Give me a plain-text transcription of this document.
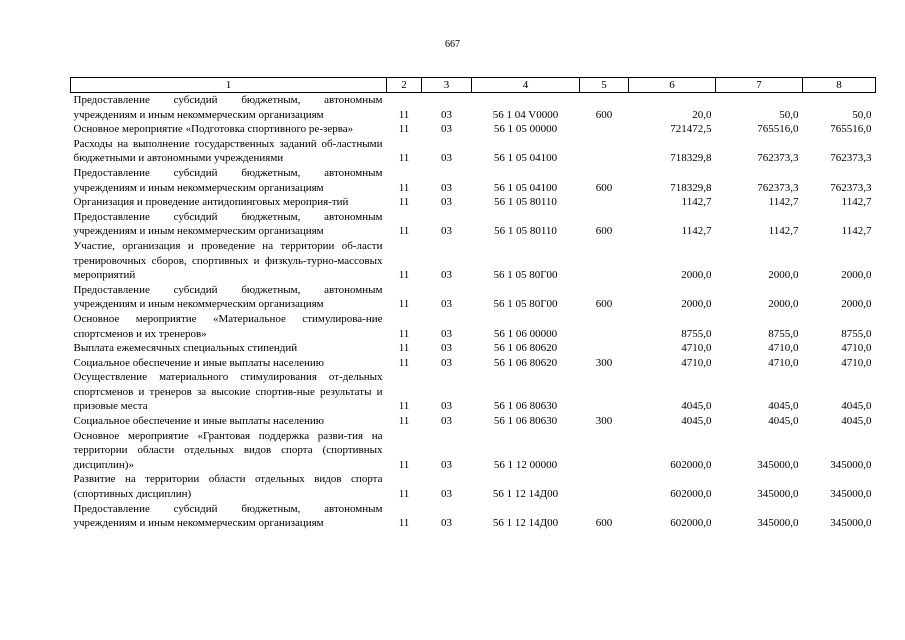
667
1	2	3	4	5	6	7	8
Предоставление субсидий бюджетным, автономным учреждениям и иным некоммерческим организациям	11	03	56 1 04 V0000	600	20,0	50,0	50,0
Основное мероприятие «Подготовка спортивного ре-зерва»	11	03	56 1 05 00000		721472,5	765516,0	765516,0
Расходы на выполнение государственных заданий об-ластными бюджетными и автономными учреждениями	11	03	56 1 05 04100		718329,8	762373,3	762373,3
Предоставление субсидий бюджетным, автономным учреждениям и иным некоммерческим организациям	11	03	56 1 05 04100	600	718329,8	762373,3	762373,3
Организация и проведение антидопинговых мероприя-тий	11	03	56 1 05 80110		1142,7	1142,7	1142,7
Предоставление субсидий бюджетным, автономным учреждениям и иным некоммерческим организациям	11	03	56 1 05 80110	600	1142,7	1142,7	1142,7
Участие, организация и проведение на территории об-ласти тренировочных сборов, спортивных и физкуль-турно-массовых мероприятий	11	03	56 1 05 80Г00		2000,0	2000,0	2000,0
Предоставление субсидий бюджетным, автономным учреждениям и иным некоммерческим организациям	11	03	56 1 05 80Г00	600	2000,0	2000,0	2000,0
Основное мероприятие «Материальное стимулирова-ние спортсменов и их тренеров»	11	03	56 1 06 00000		8755,0	8755,0	8755,0
Выплата ежемесячных специальных стипендий	11	03	56 1 06 80620		4710,0	4710,0	4710,0
Социальное обеспечение и иные выплаты населению	11	03	56 1 06 80620	300	4710,0	4710,0	4710,0
Осуществление материального стимулирования от-дельных спортсменов и тренеров за высокие спортив-ные результаты и призовые места	11	03	56 1 06 80630		4045,0	4045,0	4045,0
Социальное обеспечение и иные выплаты населению	11	03	56 1 06 80630	300	4045,0	4045,0	4045,0
Основное мероприятие «Грантовая поддержка разви-тия на территории области отдельных видов спорта (спортивных дисциплин)»	11	03	56 1 12 00000		602000,0	345000,0	345000,0
Развитие на территории области отдельных видов спорта (спортивных дисциплин)	11	03	56 1 12 14Д00		602000,0	345000,0	345000,0
Предоставление субсидий бюджетным, автономным учреждениям и иным некоммерческим организациям	11	03	56 1 12 14Д00	600	602000,0	345000,0	345000,0
